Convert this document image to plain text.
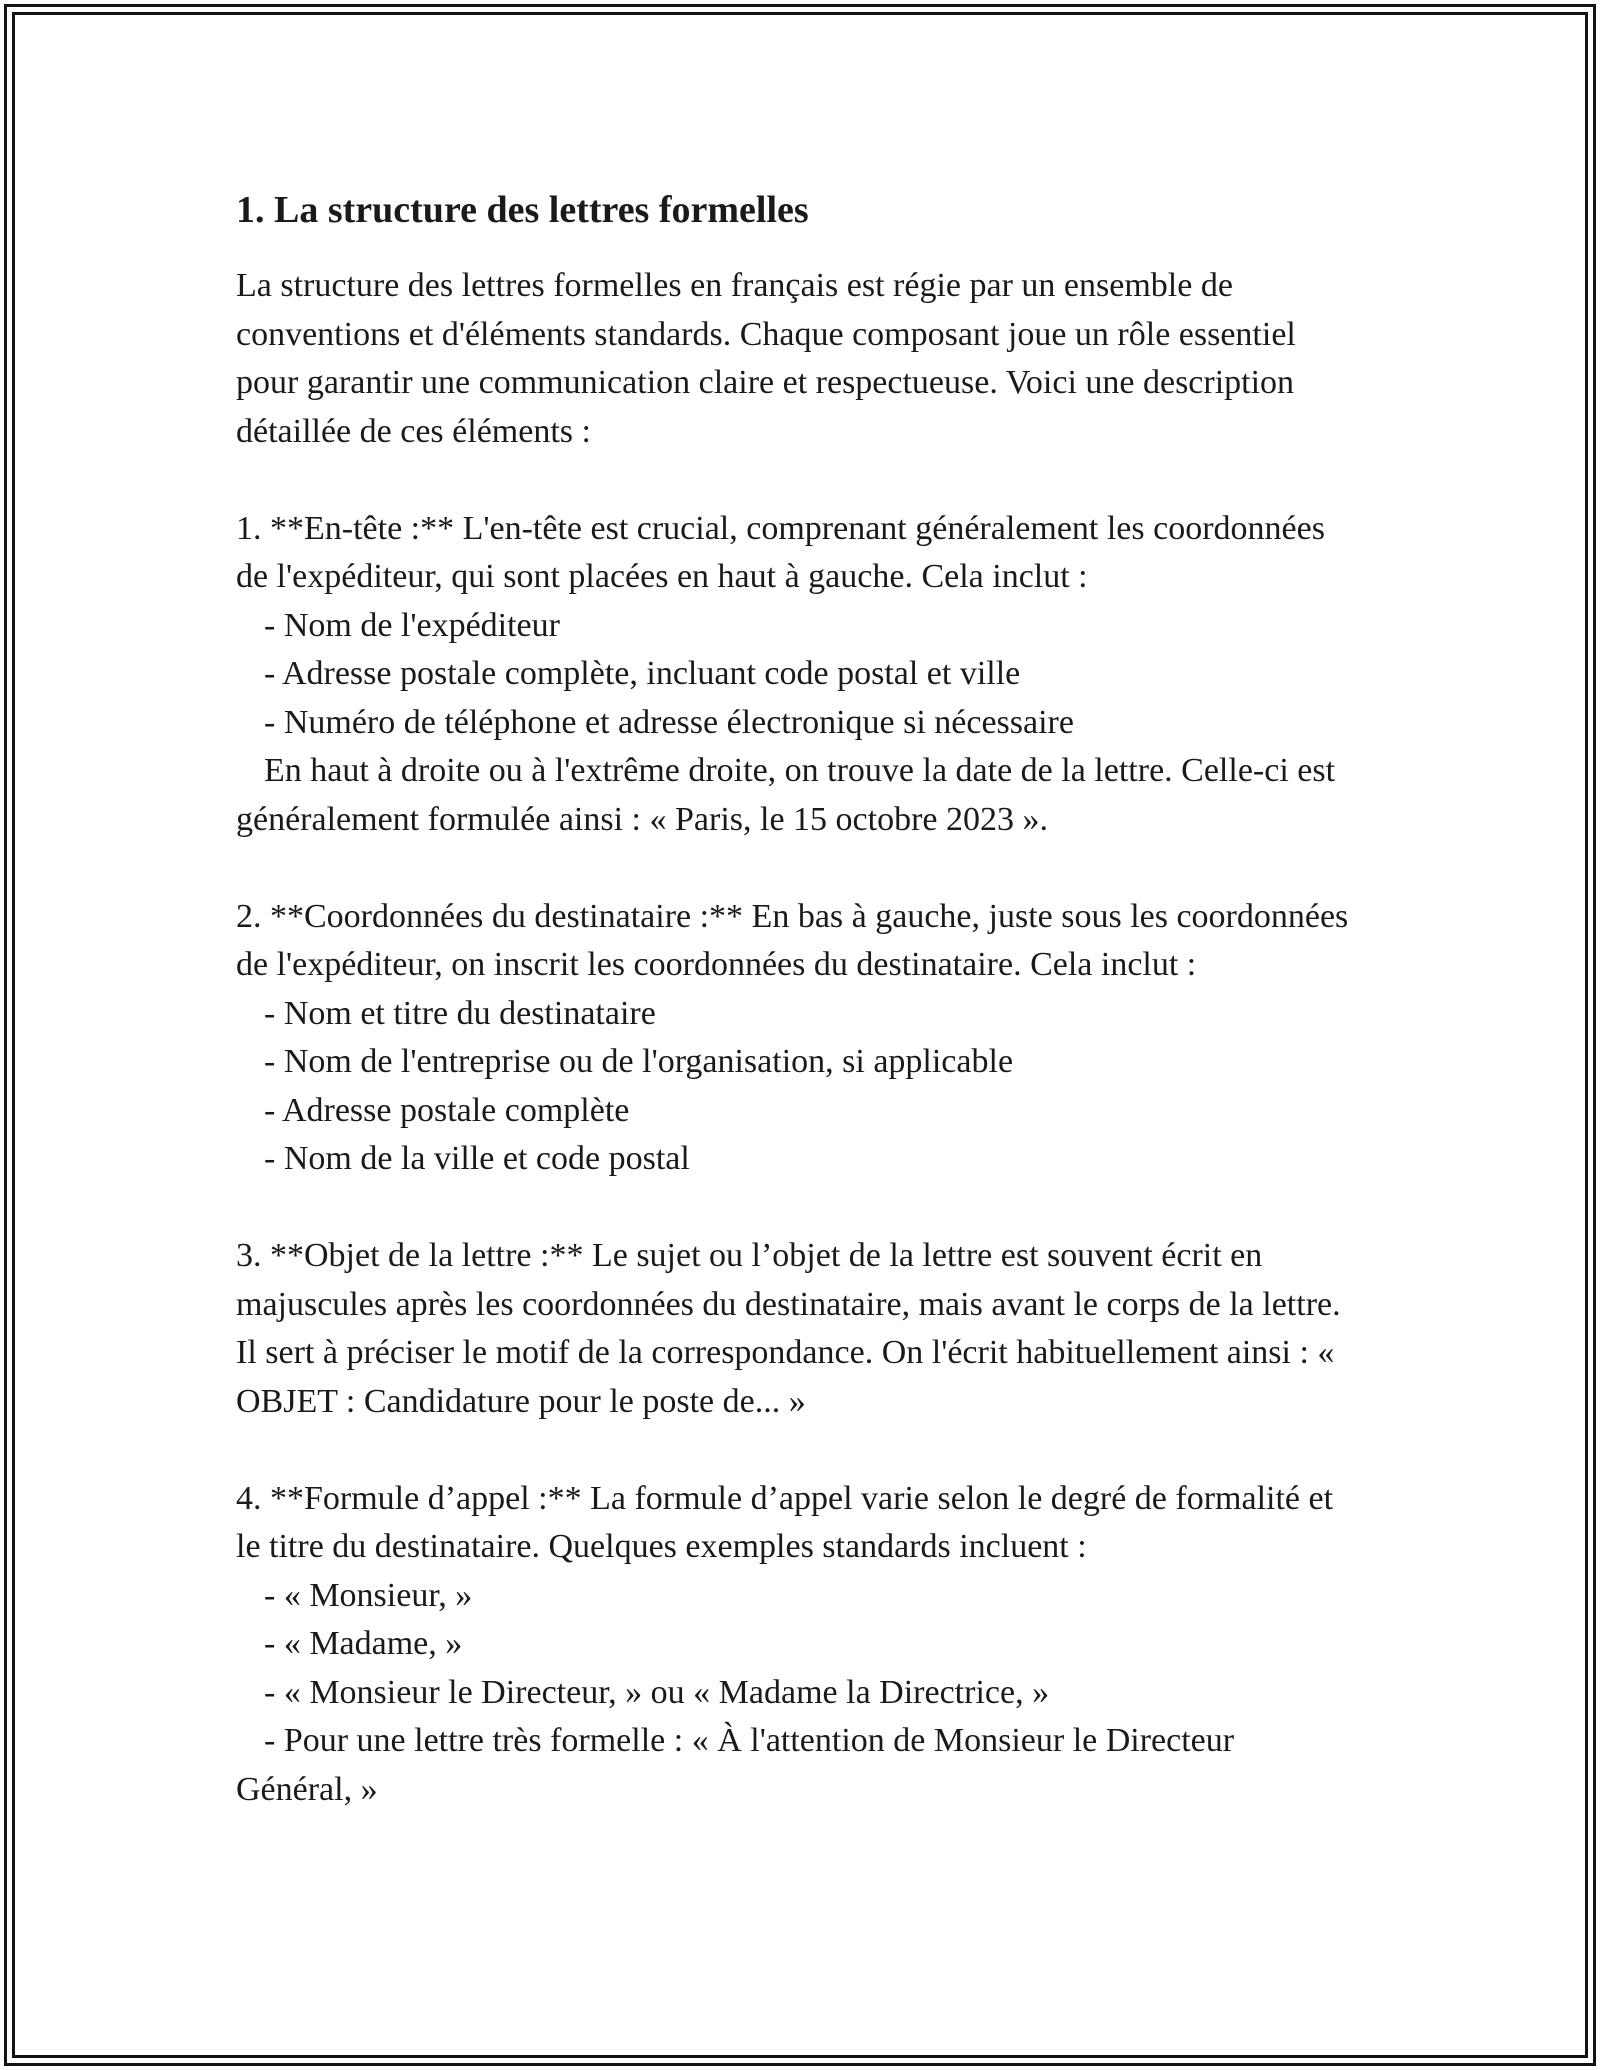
1. La structure des lettres formelles

La structure des lettres formelles en français est régie par un ensemble de conventions et d'éléments standards. Chaque composant joue un rôle essentiel pour garantir une communication claire et respectueuse. Voici une description détaillée de ces éléments :

1. **En-tête :** L'en-tête est crucial, comprenant généralement les coordonnées de l'expéditeur, qui sont placées en haut à gauche. Cela inclut :

- Nom de l'expéditeur

- Adresse postale complète, incluant code postal et ville

- Numéro de téléphone et adresse électronique si nécessaire

En haut à droite ou à l'extrême droite, on trouve la date de la lettre. Celle-ci est généralement formulée ainsi : « Paris, le 15 octobre 2023 ».

2. **Coordonnées du destinataire :** En bas à gauche, juste sous les coordonnées de l'expéditeur, on inscrit les coordonnées du destinataire. Cela inclut :

- Nom et titre du destinataire

- Nom de l'entreprise ou de l'organisation, si applicable

- Adresse postale complète

- Nom de la ville et code postal

3. **Objet de la lettre :** Le sujet ou l’objet de la lettre est souvent écrit en majuscules après les coordonnées du destinataire, mais avant le corps de la lettre. Il sert à préciser le motif de la correspondance. On l'écrit habituellement ainsi : « OBJET : Candidature pour le poste de... »

4. **Formule d’appel :** La formule d’appel varie selon le degré de formalité et le titre du destinataire. Quelques exemples standards incluent :

- « Monsieur, »

- « Madame, »

- « Monsieur le Directeur, » ou « Madame la Directrice, »

- Pour une lettre très formelle : « À l'attention de Monsieur le Directeur Général, »
